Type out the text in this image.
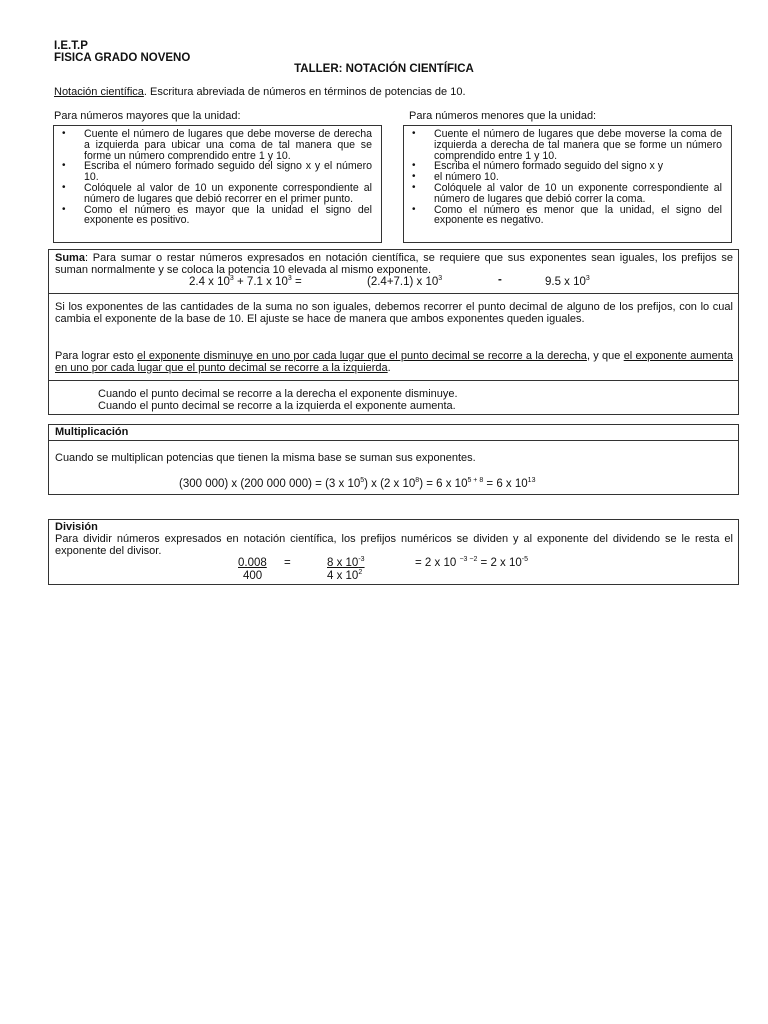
I.E.T.P
FISICA GRADO NOVENO
TALLER: NOTACIÓN CIENTÍFICA
Notación científica. Escritura abreviada de números en términos de potencias de 10.
Para números mayores que la unidad:	Para números menores que la unidad:
• Cuente el número de lugares que debe moverse de derecha a izquierda para ubicar una coma de tal manera que se forme un número comprendido entre 1 y 10.
• Escriba el número formado seguido del signo x y el número 10.
• Colóquele al valor de 10 un exponente correspondiente al número de lugares que debió recorrer en el primer punto.
• Como el número es mayor que la unidad el signo del exponente es positivo.
• Cuente el número de lugares que debe moverse la coma de izquierda a derecha de tal manera que se forme un número comprendido entre 1 y 10.
• Escriba el número formado seguido del signo x y
• el número 10.
• Colóquele al valor de 10 un exponente correspondiente al número de lugares que debió correr la coma.
• Como el número es menor que la unidad, el signo del exponente es negativo.
Suma: Para sumar o restar números expresados en notación científica, se requiere que sus exponentes sean iguales, los prefijos se suman normalmente y se coloca la potencia 10 elevada al mismo exponente.
2.4 x $10^3 + 7.1$ x $10^3$ =	(2.4+7.1) x $10^3$	-	9.5 x $10^3$
Si los exponentes de las cantidades de la suma no son iguales, debemos recorrer el punto decimal de alguno de los prefijos, con lo cual cambia el exponente de la base de 10. El ajuste se hace de manera que ambos exponentes queden iguales.
Para lograr esto el exponente disminuye en uno por cada lugar que el punto decimal se recorre a la derecha, y que el exponente aumenta en uno por cada lugar que el punto decimal se recorre a la izquierda.
Cuando el punto decimal se recorre a la derecha el exponente disminuye.
Cuando el punto decimal se recorre a la izquierda el exponente aumenta.
Multiplicación
Cuando se multiplican potencias que tienen la misma base se suman sus exponentes.
(300 000) x (200 000 000) = (3 x $10^5$) x (2 x $10^8) = 6$ x $10^{5 + 8} = 6$ x $10^{13}$
División
Para dividir números expresados en notación científica, los prefijos numéricos se dividen y al exponente del dividendo se le resta el exponente del divisor.
0.008
400
=	8 x $10^{-3}$
4 x $10^2$
= 2 x 10 $^{-3 -2}$ = 2 x $10^{-5}$
